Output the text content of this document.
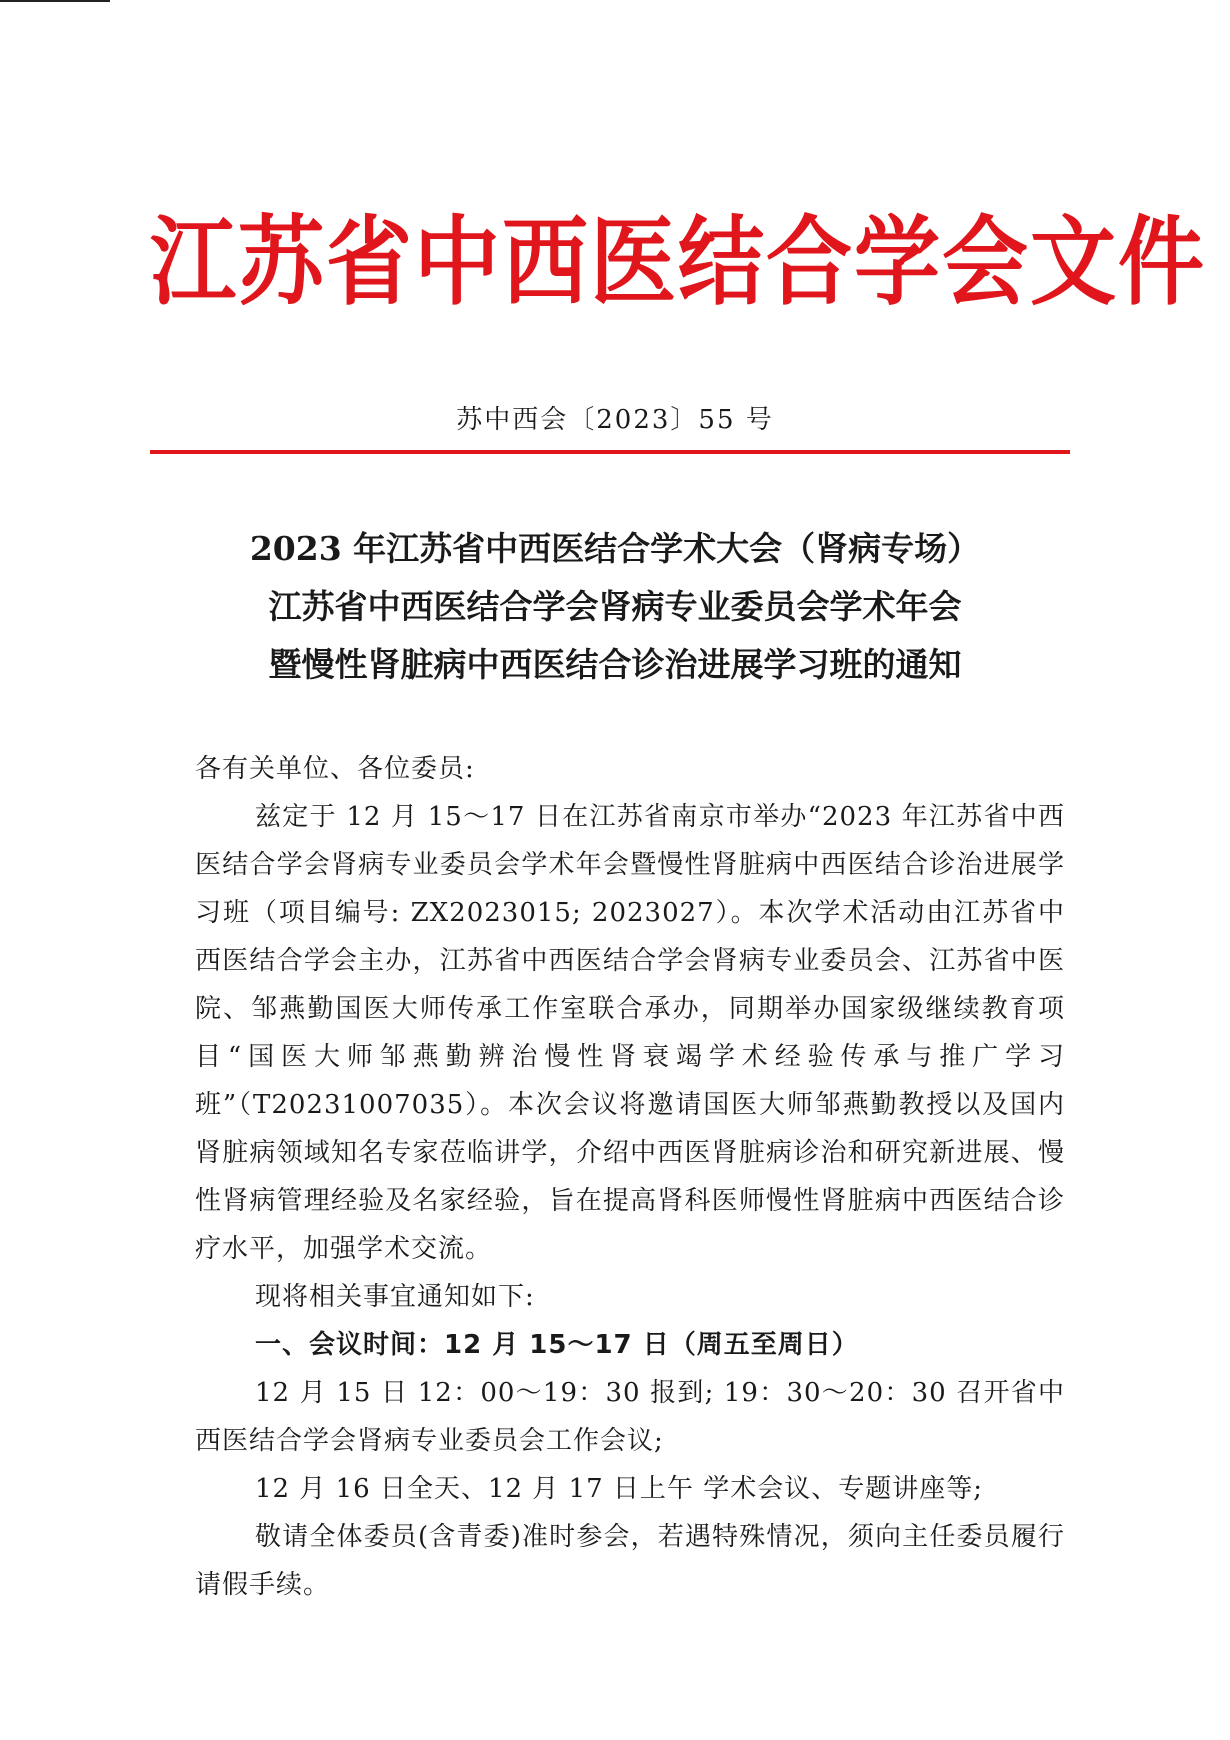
江苏省中西医结合学会文件
苏中西会〔2023〕55 号
2023 年江苏省中西医结合学术大会（肾病专场）
江苏省中西医结合学会肾病专业委员会学术年会
暨慢性肾脏病中西医结合诊治进展学习班的通知
各有关单位、各位委员:
兹定于 12 月 15～17 日在江苏省南京市举办“2023 年江苏省中西医结合学会肾病专业委员会学术年会暨慢性肾脏病中西医结合诊治进展学习班（项目编号: ZX2023015; 2023027）。本次学术活动由江苏省中西医结合学会主办，江苏省中西医结合学会肾病专业委员会、江苏省中医院、邹燕勤国医大师传承工作室联合承办，同期举办国家级继续教育项目“国医大师邹燕勤辨治慢性肾衰竭学术经验传承与推广学习班”（T20231007035）。本次会议将邀请国医大师邹燕勤教授以及国内肾脏病领域知名专家莅临讲学，介绍中西医肾脏病诊治和研究新进展、慢性肾病管理经验及名家经验，旨在提高肾科医师慢性肾脏病中西医结合诊疗水平，加强学术交流。
现将相关事宜通知如下:
一、会议时间：12 月 15～17 日（周五至周日）
12 月 15 日 12：00～19：30 报到; 19：30～20：30 召开省中西医结合学会肾病专业委员会工作会议;
12 月 16 日全天、12 月 17 日上午 学术会议、专题讲座等;
敬请全体委员(含青委)准时参会，若遇特殊情况，须向主任委员履行请假手续。
